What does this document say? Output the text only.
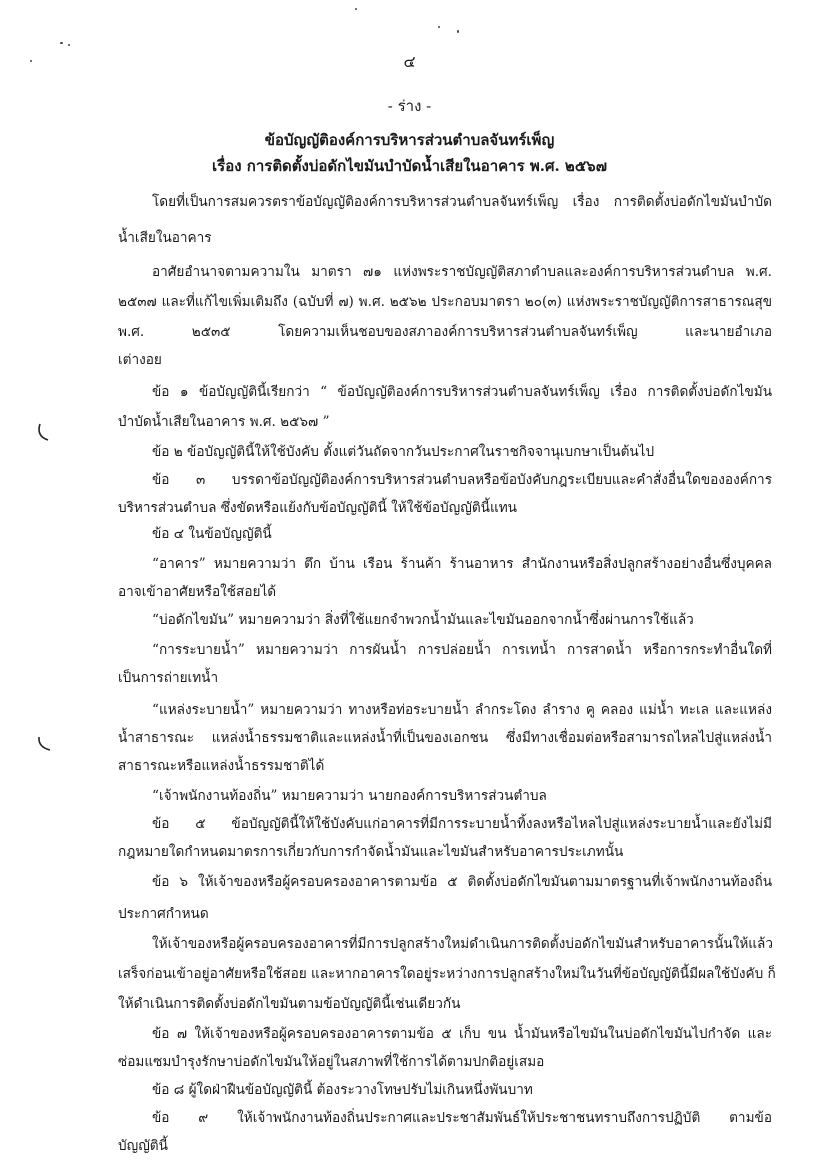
๔
- ร่าง -
ข้อบัญญัติองค์การบริหารส่วนตำบลจันทร์เพ็ญ
เรื่อง การติดตั้งบ่อดักไขมันบำบัดน้ำเสียในอาคาร พ.ศ. ๒๕๖๗
โดยที่เป็นการสมควรตราข้อบัญญัติองค์การบริหารส่วนตำบลจันทร์เพ็ญ เรื่อง การติดตั้งบ่อดักไขมันบำบัด
น้ำเสียในอาคาร
อาศัยอำนาจตามความใน มาตรา ๗๑ แห่งพระราชบัญญัติสภาตำบลและองค์การบริหารส่วนตำบล พ.ศ.
๒๕๓๗ และที่แก้ไขเพิ่มเติมถึง (ฉบับที่ ๗) พ.ศ. ๒๕๖๒ ประกอบมาตรา ๒๐(๓) แห่งพระราชบัญญัติการสาธารณสุข
พ.ศ. ๒๕๓๕ โดยความเห็นชอบของสภาองค์การบริหารส่วนตำบลจันทร์เพ็ญ และนายอำเภอ
เต่างอย
ข้อ ๑ ข้อบัญญัตินี้เรียกว่า “ ข้อบัญญัติองค์การบริหารส่วนตำบลจันทร์เพ็ญ เรื่อง การติดตั้งบ่อดักไขมัน
บำบัดน้ำเสียในอาคาร พ.ศ. ๒๕๖๗ ”
ข้อ ๒ ข้อบัญญัตินี้ให้ใช้บังคับ ตั้งแต่วันถัดจากวันประกาศในราชกิจจานุเบกษาเป็นต้นไป
ข้อ ๓ บรรดาข้อบัญญัติองค์การบริหารส่วนตำบลหรือข้อบังคับกฎระเบียบและคำสั่งอื่นใดขององค์การ
บริหารส่วนตำบล ซึ่งขัดหรือแย้งกับข้อบัญญัตินี้ ให้ใช้ข้อบัญญัตินี้แทน
ข้อ ๔ ในข้อบัญญัตินี้
“อาคาร” หมายความว่า ตึก บ้าน เรือน ร้านค้า ร้านอาหาร สำนักงานหรือสิ่งปลูกสร้างอย่างอื่นซึ่งบุคคล
อาจเข้าอาศัยหรือใช้สอยได้
“บ่อดักไขมัน” หมายความว่า สิ่งที่ใช้แยกจำพวกน้ำมันและไขมันออกจากน้ำซึ่งผ่านการใช้แล้ว
“การระบายน้ำ” หมายความว่า การผันน้ำ การปล่อยน้ำ การเทน้ำ การสาดน้ำ หรือการกระทำอื่นใดที่
เป็นการถ่ายเทน้ำ
“แหล่งระบายน้ำ” หมายความว่า ทางหรือท่อระบายน้ำ ลำกระโดง ลำราง คู คลอง แม่น้ำ ทะเล และแหล่ง
น้ำสาธารณะ แหล่งน้ำธรรมชาติและแหล่งน้ำที่เป็นของเอกชน ซึ่งมีทางเชื่อมต่อหรือสามารถไหลไปสู่แหล่งน้ำ
สาธารณะหรือแหล่งน้ำธรรมชาติได้
“เจ้าพนักงานท้องถิ่น” หมายความว่า นายกองค์การบริหารส่วนตำบล
ข้อ ๕ ข้อบัญญัตินี้ให้ใช้บังคับแก่อาคารที่มีการระบายน้ำทิ้งลงหรือไหลไปสู่แหล่งระบายน้ำและยังไม่มี
กฎหมายใดกำหนดมาตรการเกี่ยวกับการกำจัดน้ำมันและไขมันสำหรับอาคารประเภทนั้น
ข้อ ๖ ให้เจ้าของหรือผู้ครอบครองอาคารตามข้อ ๕ ติดตั้งบ่อดักไขมันตามมาตรฐานที่เจ้าพนักงานท้องถิ่น
ประกาศกำหนด
ให้เจ้าของหรือผู้ครอบครองอาคารที่มีการปลูกสร้างใหม่ดำเนินการติดตั้งบ่อดักไขมันสำหรับอาคารนั้นให้แล้ว
เสร็จก่อนเข้าอยู่อาศัยหรือใช้สอย และหากอาคารใดอยู่ระหว่างการปลูกสร้างใหม่ในวันที่ข้อบัญญัตินี้มีผลใช้บังคับ ก็
ให้ดำเนินการติดตั้งบ่อดักไขมันตามข้อบัญญัตินี้เช่นเดียวกัน
ข้อ ๗ ให้เจ้าของหรือผู้ครอบครองอาคารตามข้อ ๕ เก็บ ขน น้ำมันหรือไขมันในบ่อดักไขมันไปกำจัด และ
ซ่อมแซมบำรุงรักษาบ่อดักไขมันให้อยู่ในสภาพที่ใช้การได้ตามปกติอยู่เสมอ
ข้อ ๘ ผู้ใดฝ่าฝืนข้อบัญญัตินี้ ต้องระวางโทษปรับไม่เกินหนึ่งพันบาท
ข้อ ๙ ให้เจ้าพนักงานท้องถิ่นประกาศและประชาสัมพันธ์ให้ประชาชนทราบถึงการปฏิบัติ ตามข้อ
บัญญัตินี้
